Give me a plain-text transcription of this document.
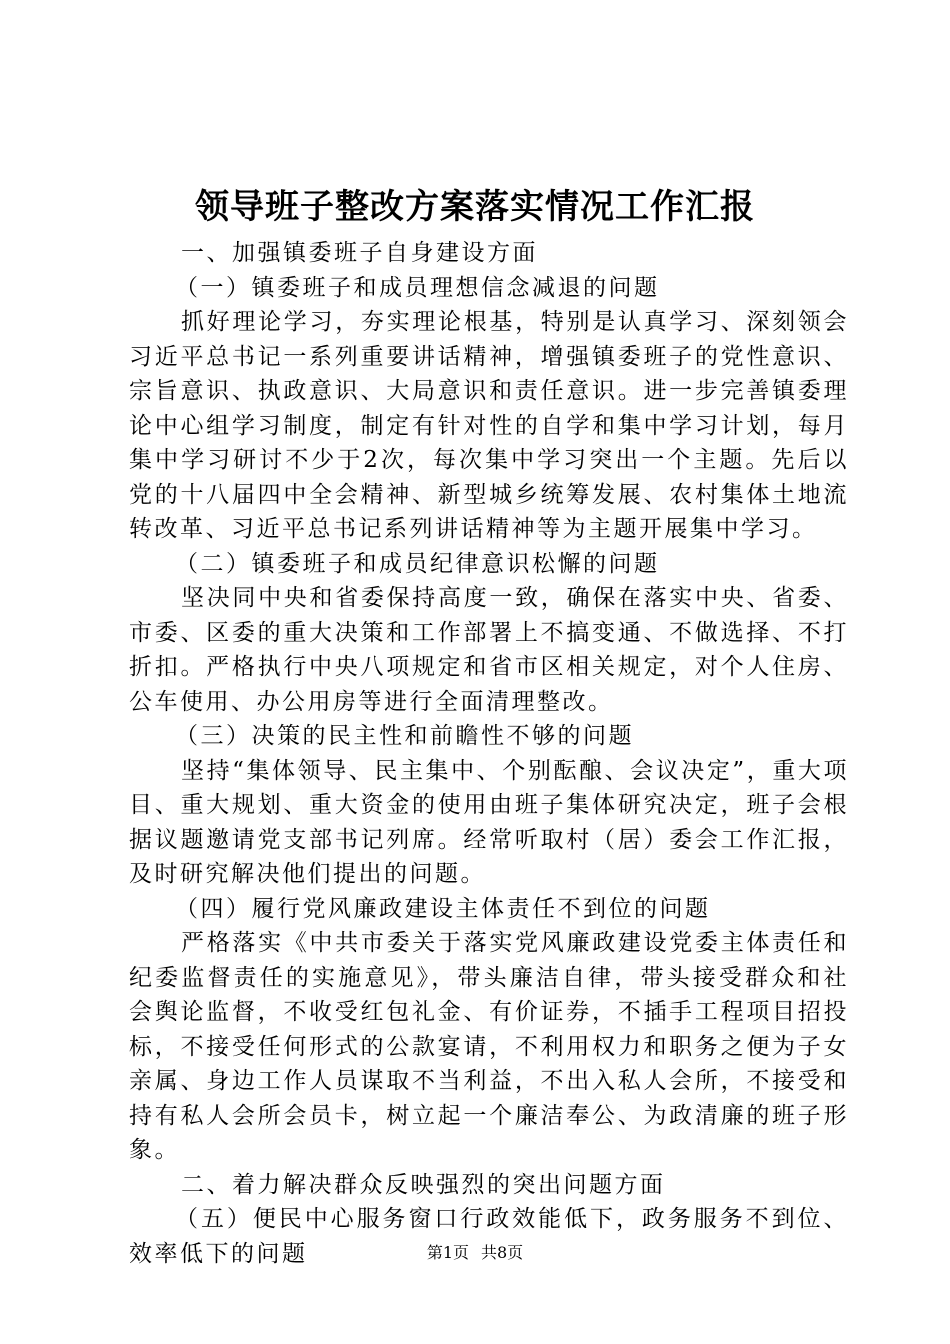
领导班子整改方案落实情况工作汇报

一、加强镇委班子自身建设方面

（一）镇委班子和成员理想信念减退的问题

抓好理论学习，夯实理论根基，特别是认真学习、深刻领会习近平总书记一系列重要讲话精神，增强镇委班子的党性意识、宗旨意识、执政意识、大局意识和责任意识。进一步完善镇委理论中心组学习制度，制定有针对性的自学和集中学习计划，每月集中学习研讨不少于2次，每次集中学习突出一个主题。先后以党的十八届四中全会精神、新型城乡统筹发展、农村集体土地流转改革、习近平总书记系列讲话精神等为主题开展集中学习。

（二）镇委班子和成员纪律意识松懈的问题

坚决同中央和省委保持高度一致，确保在落实中央、省委、市委、区委的重大决策和工作部署上不搞变通、不做选择、不打折扣。严格执行中央八项规定和省市区相关规定，对个人住房、公车使用、办公用房等进行全面清理整改。

（三）决策的民主性和前瞻性不够的问题

坚持“集体领导、民主集中、个别酝酿、会议决定”，重大项目、重大规划、重大资金的使用由班子集体研究决定，班子会根据议题邀请党支部书记列席。经常听取村（居）委会工作汇报，及时研究解决他们提出的问题。

（四）履行党风廉政建设主体责任不到位的问题

严格落实《中共市委关于落实党风廉政建设党委主体责任和纪委监督责任的实施意见》，带头廉洁自律，带头接受群众和社会舆论监督，不收受红包礼金、有价证券，不插手工程项目招投标，不接受任何形式的公款宴请，不利用权力和职务之便为子女亲属、身边工作人员谋取不当利益，不出入私人会所，不接受和持有私人会所会员卡，树立起一个廉洁奉公、为政清廉的班子形象。

二、着力解决群众反映强烈的突出问题方面

（五）便民中心服务窗口行政效能低下，政务服务不到位、效率低下的问题	第1页 共8页
